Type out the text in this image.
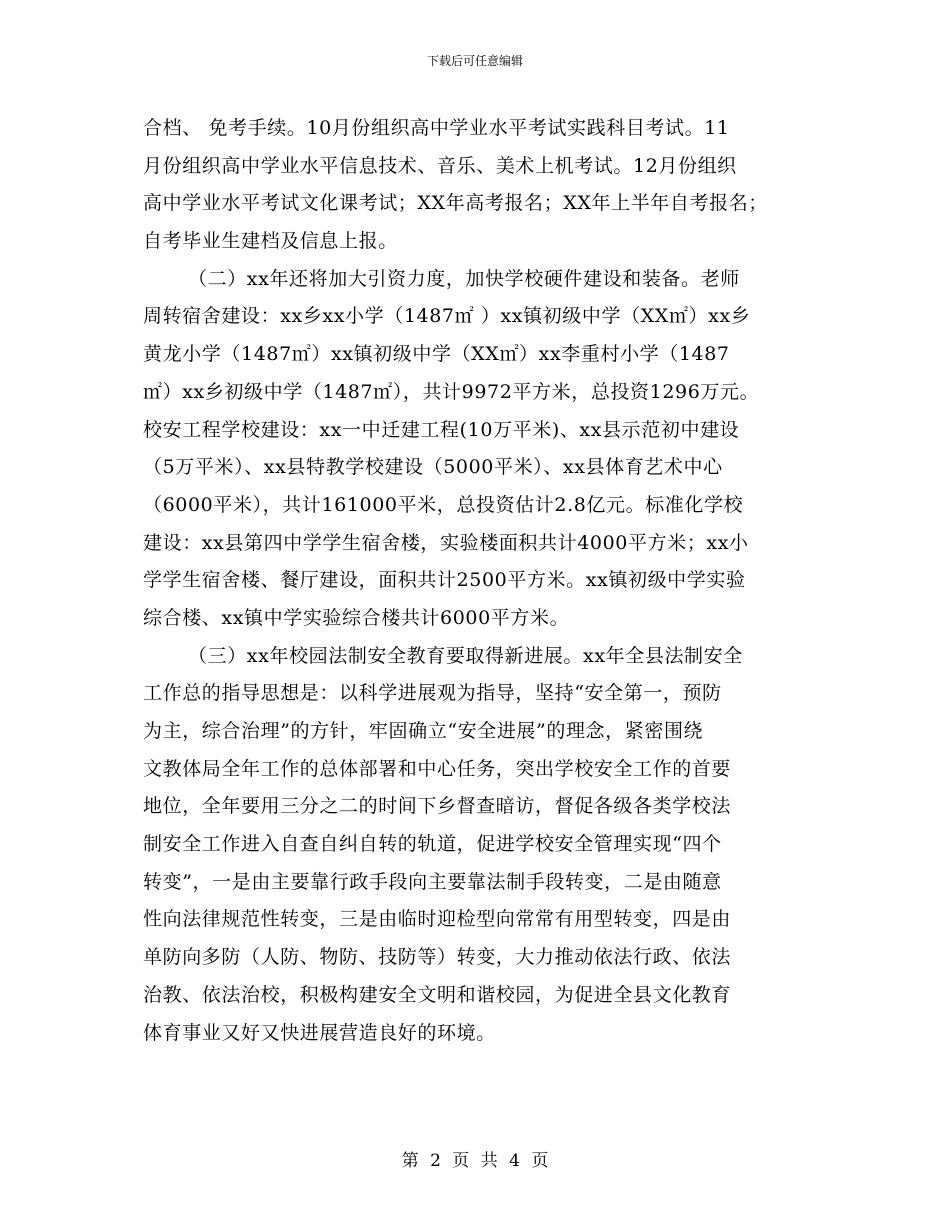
下载后可任意编辑
合档、 免考手续。10月份组织高中学业水平考试实践科目考试。11
月份组织高中学业水平信息技术、音乐、美术上机考试。12月份组织
高中学业水平考试文化课考试；XX年高考报名；XX年上半年自考报名；
自考毕业生建档及信息上报。
（二）xx年还将加大引资力度，加快学校硬件建设和装备。老师
周转宿舍建设：xx乡xx小学（1487㎡ ）xx镇初级中学（XX㎡）xx乡
黄龙小学（1487㎡）xx镇初级中学（XX㎡）xx李重村小学（1487
㎡）xx乡初级中学（1487㎡），共计9972平方米，总投资1296万元。
校安工程学校建设：xx一中迁建工程(10万平米)、xx县示范初中建设
（5万平米）、xx县特教学校建设（5000平米）、xx县体育艺术中心
（6000平米），共计161000平米，总投资估计2.8亿元。标准化学校
建设：xx县第四中学学生宿舍楼，实验楼面积共计4000平方米；xx小
学学生宿舍楼、餐厅建设，面积共计2500平方米。xx镇初级中学实验
综合楼、xx镇中学实验综合楼共计6000平方米。
（三）xx年校园法制安全教育要取得新进展。xx年全县法制安全
工作总的指导思想是：以科学进展观为指导，坚持“安全第一，预防
为主，综合治理”的方针，牢固确立“安全进展”的理念，紧密围绕
文教体局全年工作的总体部署和中心任务，突出学校安全工作的首要
地位，全年要用三分之二的时间下乡督查暗访，督促各级各类学校法
制安全工作进入自查自纠自转的轨道，促进学校安全管理实现“四个
转变”，一是由主要靠行政手段向主要靠法制手段转变，二是由随意
性向法律规范性转变，三是由临时迎检型向常常有用型转变，四是由
单防向多防（人防、物防、技防等）转变，大力推动依法行政、依法
治教、依法治校，积极构建安全文明和谐校园，为促进全县文化教育
体育事业又好又快进展营造良好的环境。
第 2 页 共 4 页
